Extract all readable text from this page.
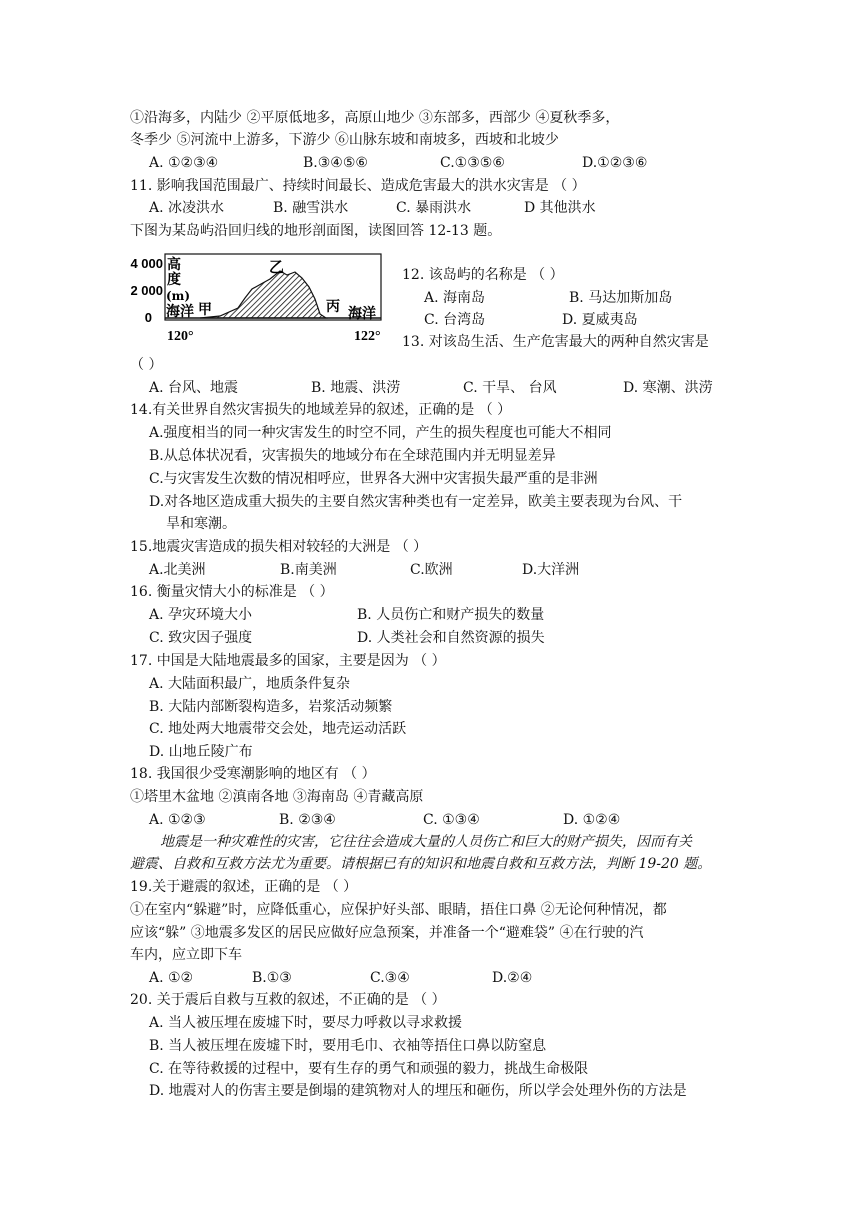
①沿海多，内陆少 ②平原低地多，高原山地少 ③东部多，西部少 ④夏秋季多，
冬季少 ⑤河流中上游多，下游少 ⑥山脉东坡和南坡多，西坡和北坡少
A. ①②③④	B.③④⑤⑥	C.①③⑤⑥	D.①②③⑥
11. 影响我国范围最广、持续时间最长、造成危害最大的洪水灾害是 （ ）
A. 冰凌洪水	B. 融雪洪水	C. 暴雨洪水	D 其他洪水
下图为某岛屿沿回归线的地形剖面图，读图回答 12-13 题。
4 000
2 000
0
高
度
(m)
海洋 甲
乙
丙 海洋
120°	122°
12. 该岛屿的名称是 （ ）
A. 海南岛	B. 马达加斯加岛
C. 台湾岛	D. 夏威夷岛
13. 对该岛生活、生产危害最大的两种自然灾害是
（ ）
A. 台风、地震	B. 地震、洪涝	C. 干旱、 台风	D. 寒潮、洪涝
14.有关世界自然灾害损失的地域差异的叙述，正确的是 （ ）
A.强度相当的同一种灾害发生的时空不同，产生的损失程度也可能大不相同
B.从总体状况看，灾害损失的地域分布在全球范围内并无明显差异
C.与灾害发生次数的情况相呼应，世界各大洲中灾害损失最严重的是非洲
D.对各地区造成重大损失的主要自然灾害种类也有一定差异，欧美主要表现为台风、干
旱和寒潮。
15.地震灾害造成的损失相对较轻的大洲是 （ ）
A.北美洲	B.南美洲	C.欧洲	D.大洋洲
16. 衡量灾情大小的标准是 （ ）
A. 孕灾环境大小	B. 人员伤亡和财产损失的数量
C. 致灾因子强度	D. 人类社会和自然资源的损失
17. 中国是大陆地震最多的国家，主要是因为 （ ）
A. 大陆面积最广，地质条件复杂
B. 大陆内部断裂构造多，岩浆活动频繁
C. 地处两大地震带交会处，地壳运动活跃
D. 山地丘陵广布
18. 我国很少受寒潮影响的地区有 （ ）
①塔里木盆地 ②滇南各地 ③海南岛 ④青藏高原
A. ①②③	B. ②③④	C. ①③④	D. ①②④
地震是一种灾难性的灾害，它往往会造成大量的人员伤亡和巨大的财产损失，因而有关
避震、自救和互救方法尤为重要。请根据已有的知识和地震自救和互救方法，判断 19-20 题。
19.关于避震的叙述，正确的是 （ ）
①在室内“躲避”时，应降低重心，应保护好头部、眼睛，捂住口鼻 ②无论何种情况，都
应该“躲” ③地震多发区的居民应做好应急预案，并准备一个“避难袋” ④在行驶的汽
车内，应立即下车
A. ①②	B.①③	C.③④	D.②④
20. 关于震后自救与互救的叙述，不正确的是 （ ）
A. 当人被压埋在废墟下时，要尽力呼救以寻求救援
B. 当人被压埋在废墟下时，要用毛巾、衣袖等捂住口鼻以防窒息
C. 在等待救援的过程中，要有生存的勇气和顽强的毅力，挑战生命极限
D. 地震对人的伤害主要是倒塌的建筑物对人的埋压和砸伤，所以学会处理外伤的方法是
